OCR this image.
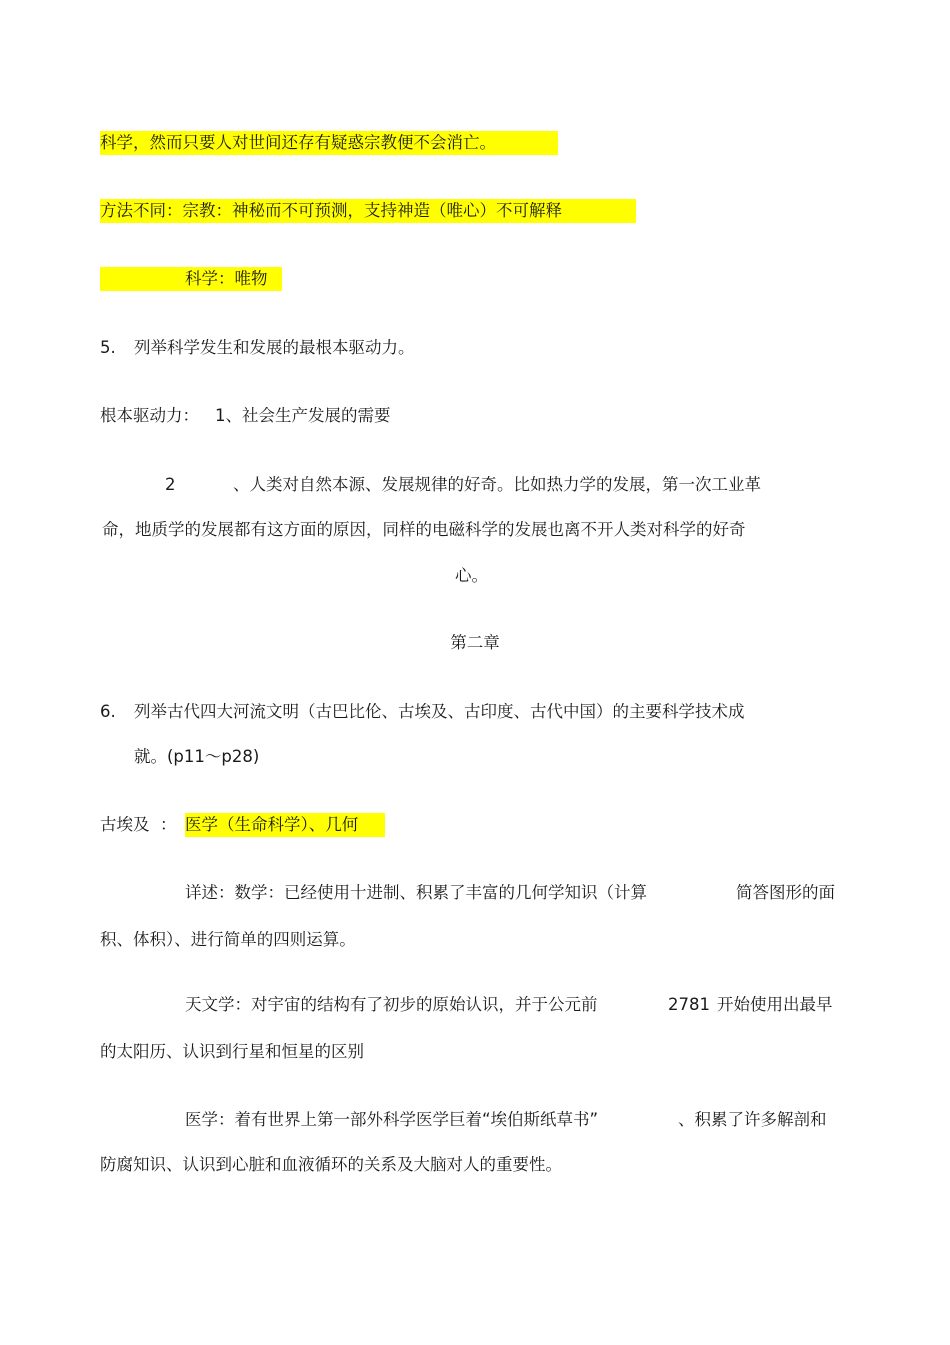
科学，然而只要人对世间还存有疑惑宗教便不会消亡。
方法不同：宗教：神秘而不可预测，支持神造（唯心）不可解释
科学：唯物
5. 列举科学发生和发展的最根本驱动力。
根本驱动力： 1、社会生产发展的需要
2	、人类对自然本源、发展规律的好奇。比如热力学的发展，第一次工业革
命，地质学的发展都有这方面的原因，同样的电磁科学的发展也离不开人类对科学的好奇
心。
第二章
6. 列举古代四大河流文明（古巴比伦、古埃及、古印度、古代中国）的主要科学技术成
就。(p11～p28)
古埃及 ： 医学（生命科学）、几何
详述：数学：已经使用十进制、积累了丰富的几何学知识（计算	简答图形的面
积、体积）、进行简单的四则运算。
天文学：对宇宙的结构有了初步的原始认识，并于公元前	2781 开始使用出最早
的太阳历、认识到行星和恒星的区别
医学：着有世界上第一部外科学医学巨着“埃伯斯纸草书”	、积累了许多解剖和
防腐知识、认识到心脏和血液循环的关系及大脑对人的重要性。
